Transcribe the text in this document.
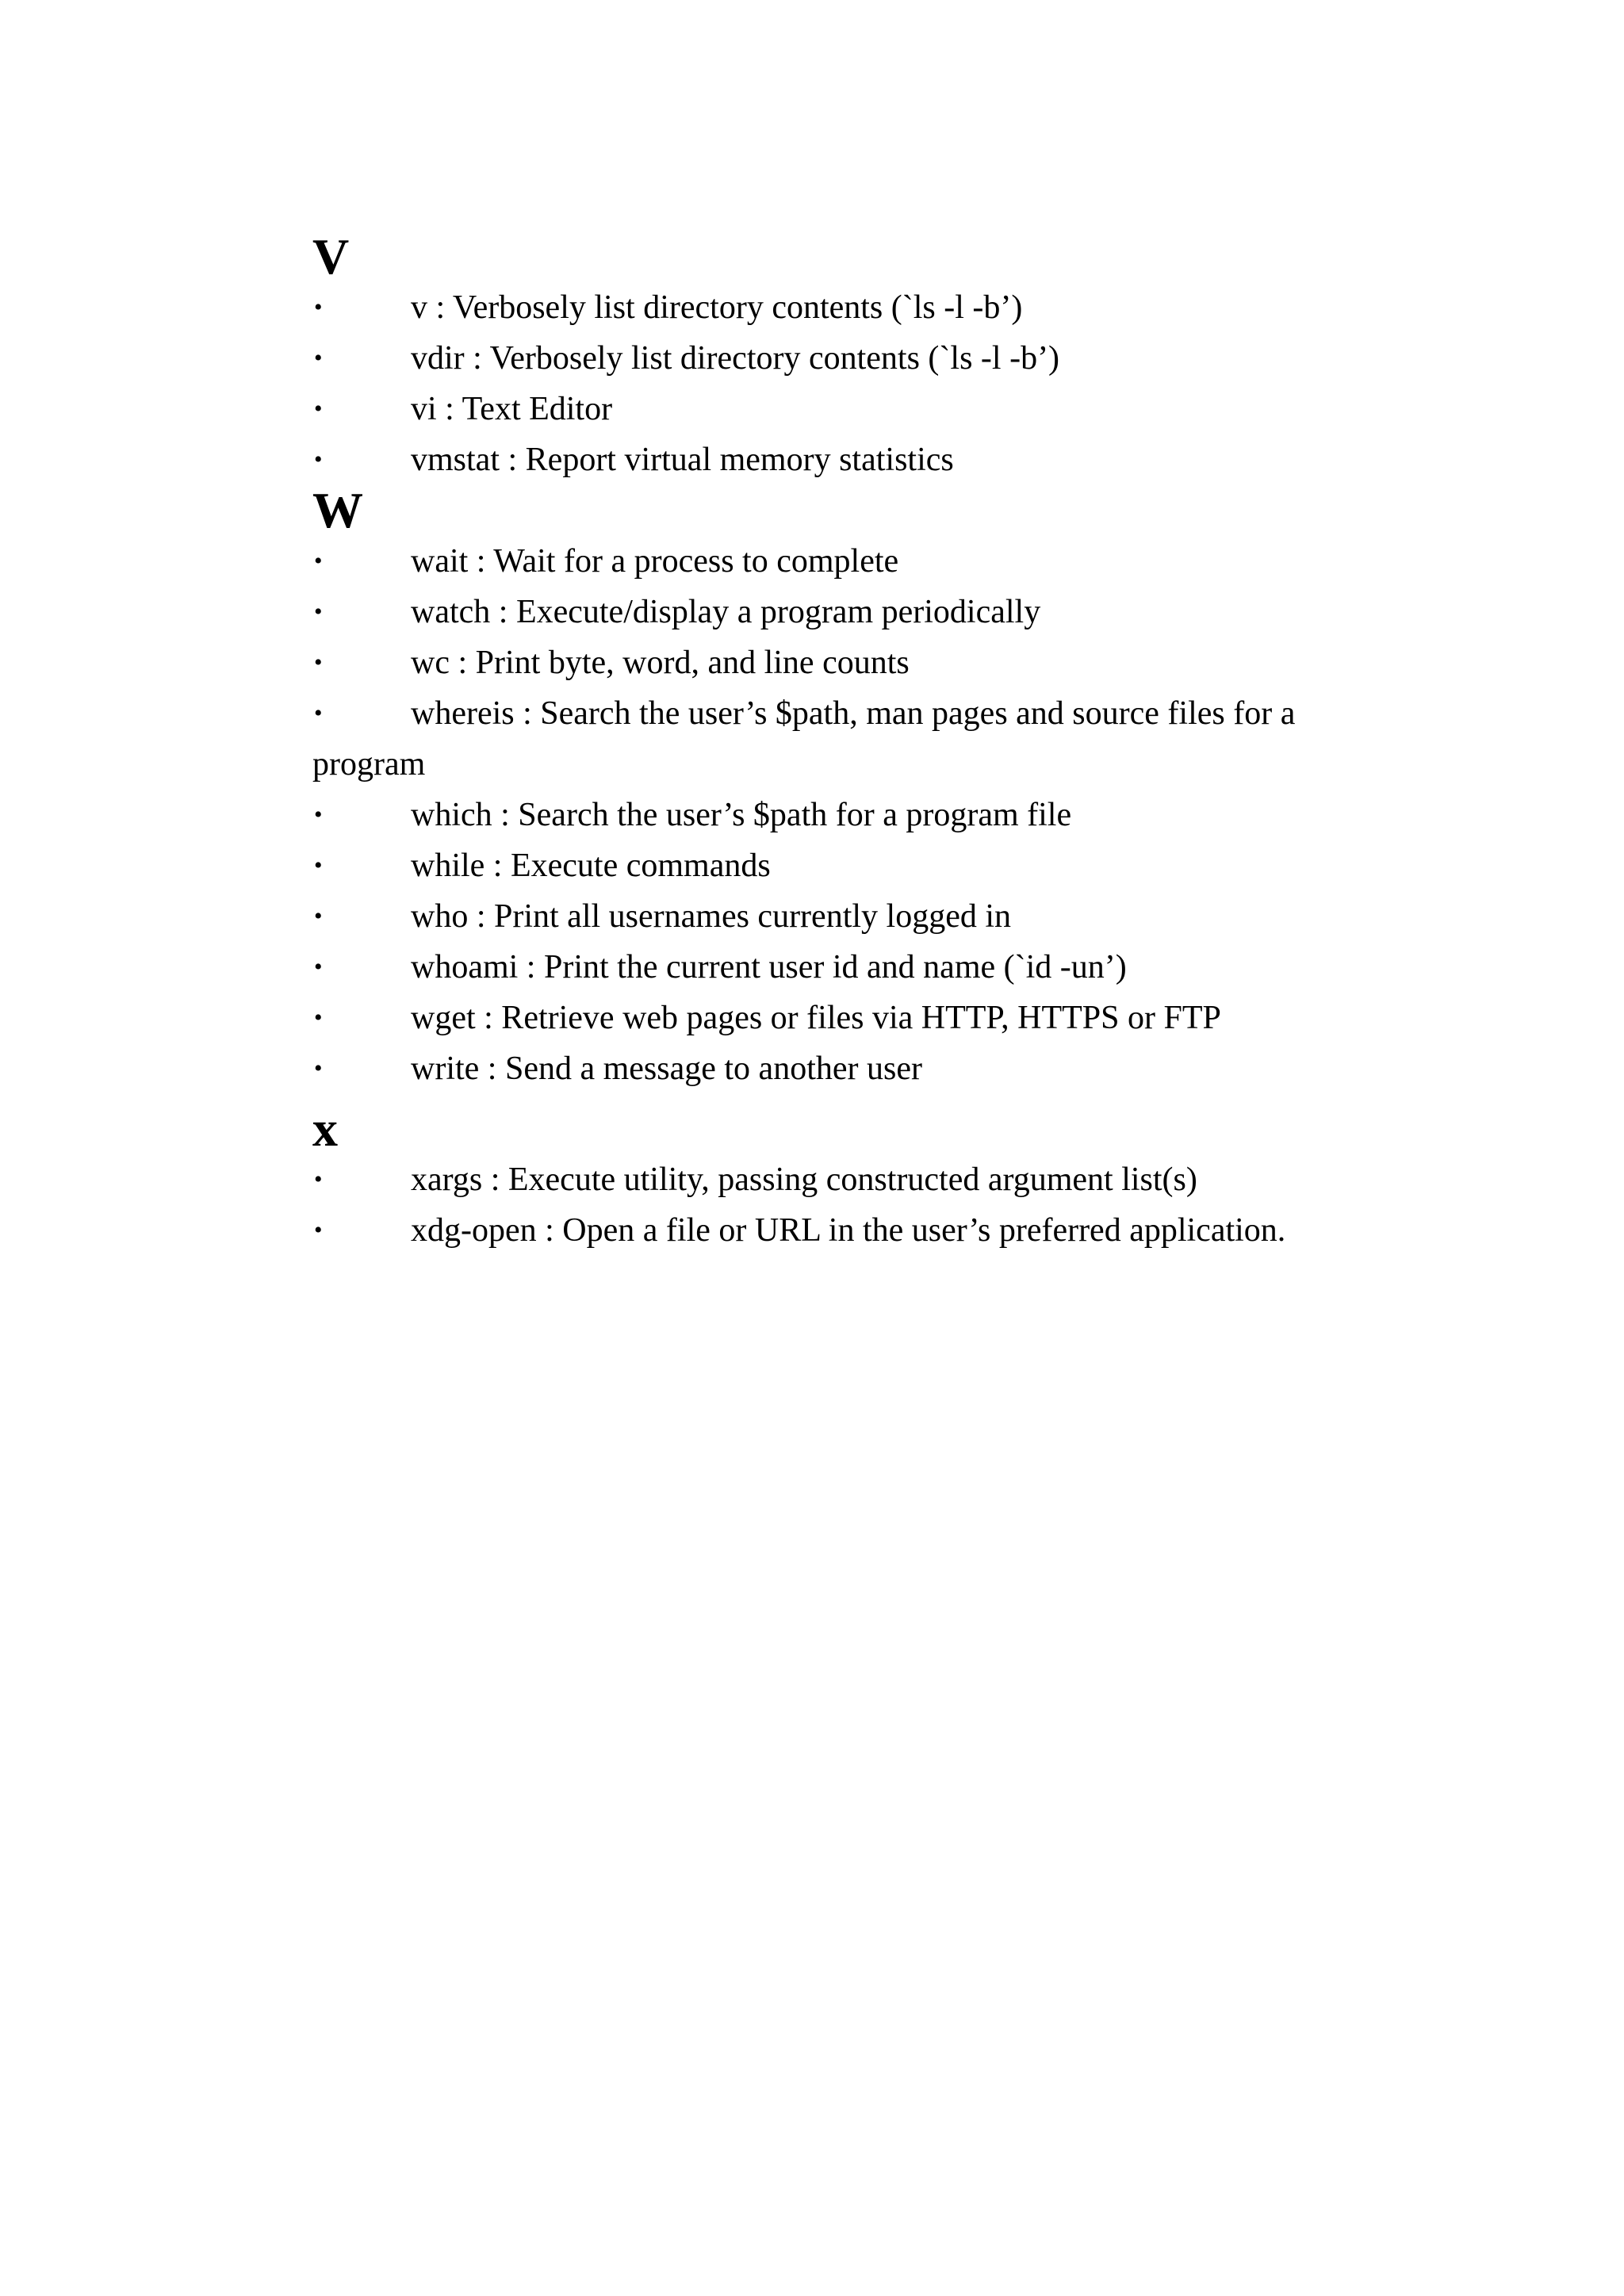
V
•	v : Verbosely list directory contents (`ls -l -b’)
•	vdir : Verbosely list directory contents (`ls -l -b’)
•	vi : Text Editor
•	vmstat : Report virtual memory statistics
W
•	wait : Wait for a process to complete
•	watch : Execute/display a program periodically
•	wc : Print byte, word, and line counts
•	whereis : Search the user’s $path, man pages and source files for a program
•	which : Search the user’s $path for a program file
•	while : Execute commands
•	who : Print all usernames currently logged in
•	whoami : Print the current user id and name (`id -un’)
•	wget : Retrieve web pages or files via HTTP, HTTPS or FTP
•	write : Send a message to another user
x
•	xargs : Execute utility, passing constructed argument list(s)
•	xdg-open : Open a file or URL in the user’s preferred application.
